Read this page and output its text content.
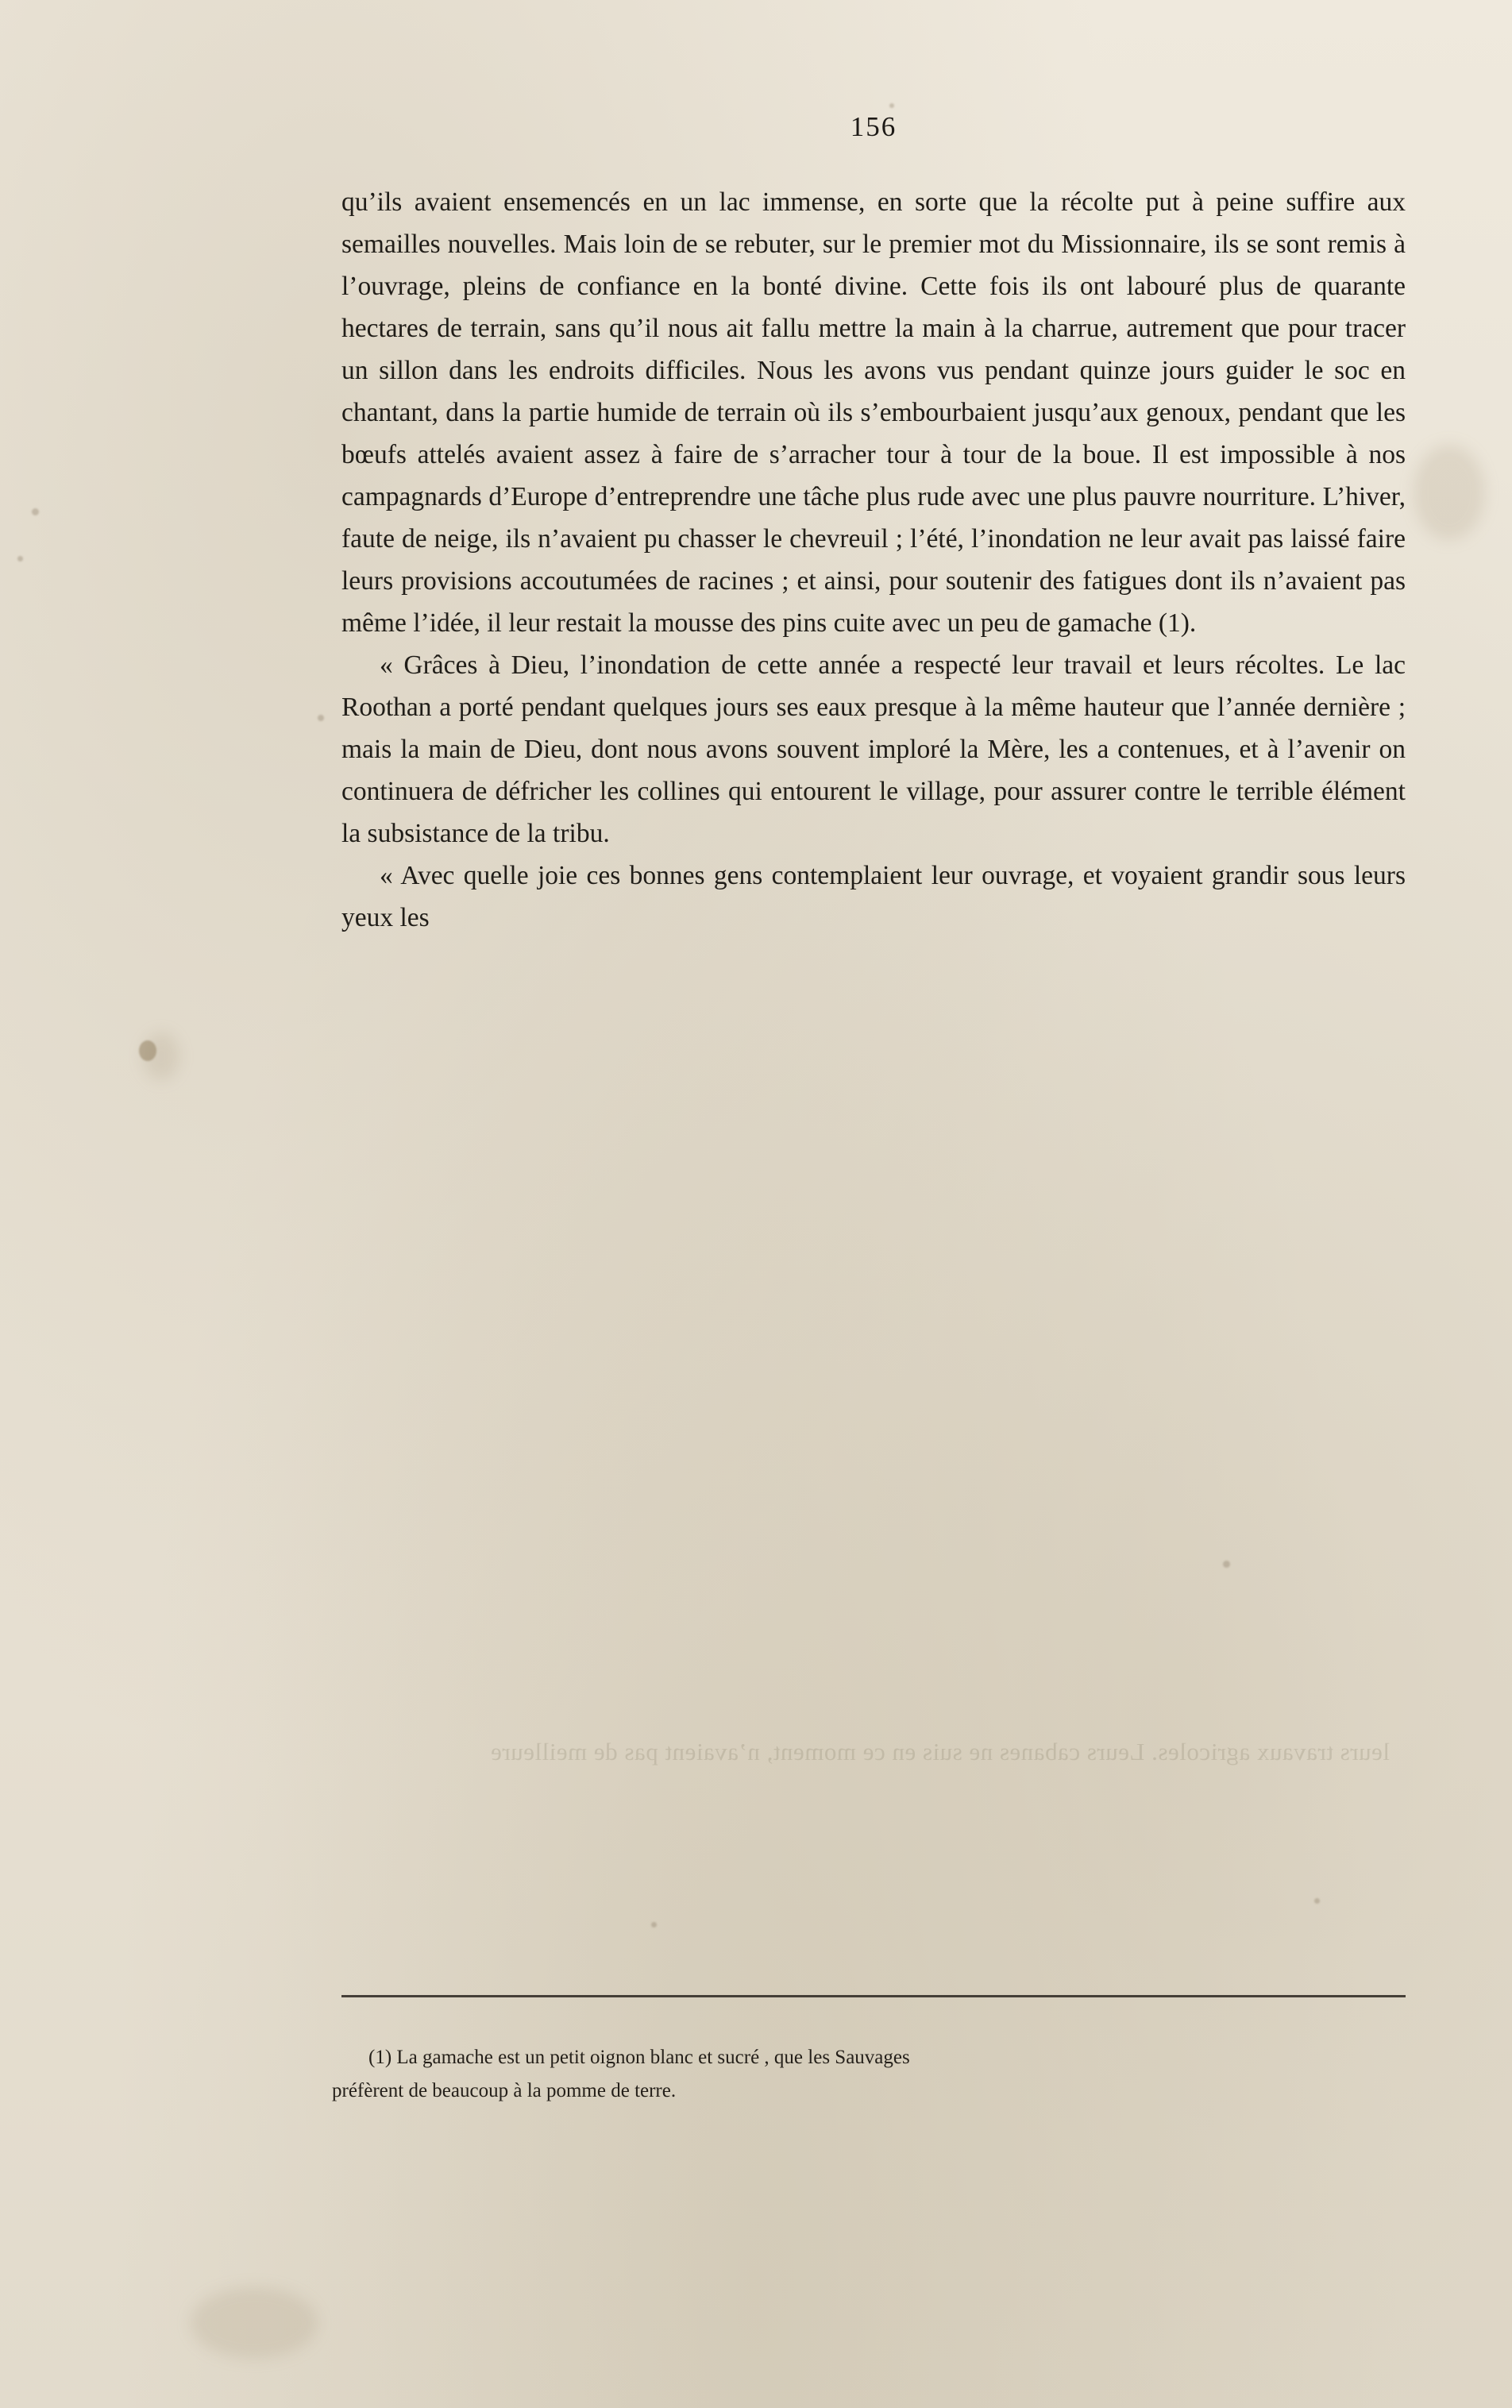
leurs travaux agricoles. Leurs cabanes ne suis en ce moment, n’avaient pas de meilleure
156

qu’ils avaient ensemencés en un lac immense, en sorte que la récolte put à peine suffire aux semailles nouvelles. Mais loin de se rebuter, sur le premier mot du Missionnaire, ils se sont remis à l’ouvrage, pleins de confiance en la bonté divine. Cette fois ils ont labouré plus de quarante hectares de terrain, sans qu’il nous ait fallu mettre la main à la charrue, autrement que pour tracer un sillon dans les endroits difficiles. Nous les avons vus pendant quinze jours guider le soc en chantant, dans la partie humide de terrain où ils s’embourbaient jusqu’aux genoux, pendant que les bœufs attelés avaient assez à faire de s’arracher tour à tour de la boue. Il est impossible à nos campagnards d’Europe d’entreprendre une tâche plus rude avec une plus pauvre nourriture. L’hiver, faute de neige, ils n’avaient pu chasser le chevreuil ; l’été, l’inondation ne leur avait pas laissé faire leurs provisions accoutumées de racines ; et ainsi, pour soutenir des fatigues dont ils n’avaient pas même l’idée, il leur restait la mousse des pins cuite avec un peu de gamache (1).

« Grâces à Dieu, l’inondation de cette année a respecté leur travail et leurs récoltes. Le lac Roothan a porté pendant quelques jours ses eaux presque à la même hauteur que l’année dernière ; mais la main de Dieu, dont nous avons souvent imploré la Mère, les a contenues, et à l’avenir on continuera de défricher les collines qui entourent le village, pour assurer contre le terrible élément la subsistance de la tribu.

« Avec quelle joie ces bonnes gens contemplaient leur ouvrage, et voyaient grandir sous leurs yeux les

(1) La gamache est un petit oignon blanc et sucré , que les Sauvages

préfèrent de beaucoup à la pomme de terre.
